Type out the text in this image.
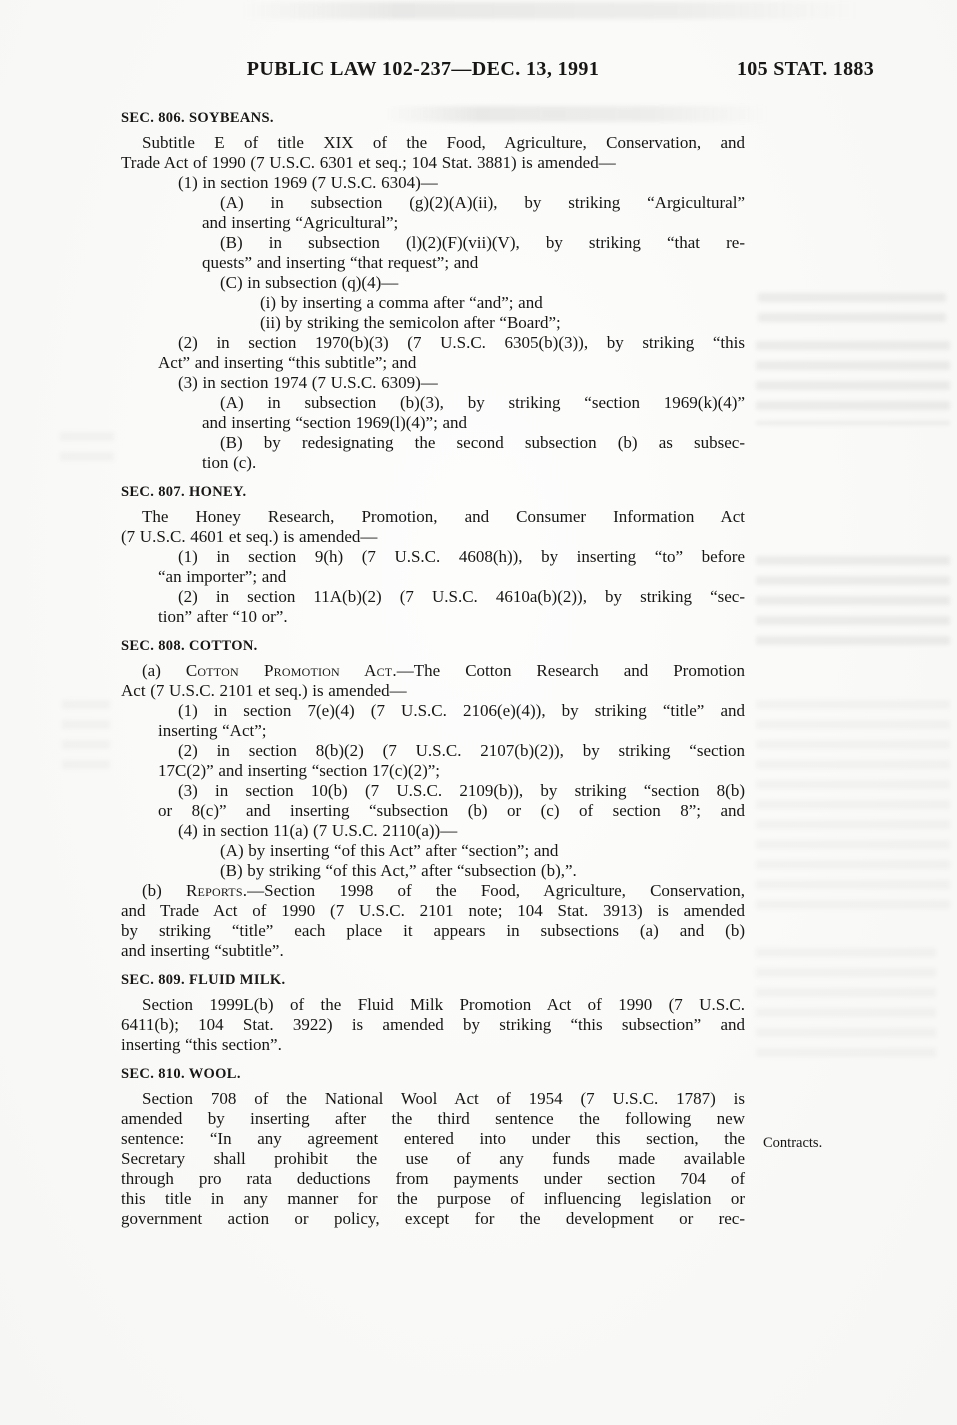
PUBLIC LAW 102-237—DEC. 13, 1991	105 STAT. 1883
SEC. 806. SOYBEANS.
Subtitle E of title XIX of the Food, Agriculture, Conservation, and
Trade Act of 1990 (7 U.S.C. 6301 et seq.; 104 Stat. 3881) is amended—
(1) in section 1969 (7 U.S.C. 6304)—
(A) in subsection (g)(2)(A)(ii), by striking “Argicultural”
and inserting “Agricultural”;
(B) in subsection (l)(2)(F)(vii)(V), by striking “that re-
quests” and inserting “that request”; and
(C) in subsection (q)(4)—
(i) by inserting a comma after “and”; and
(ii) by striking the semicolon after “Board”;
(2) in section 1970(b)(3) (7 U.S.C. 6305(b)(3)), by striking “this
Act” and inserting “this subtitle”; and
(3) in section 1974 (7 U.S.C. 6309)—
(A) in subsection (b)(3), by striking “section 1969(k)(4)”
and inserting “section 1969(l)(4)”; and
(B) by redesignating the second subsection (b) as subsec-
tion (c).
SEC. 807. HONEY.
The Honey Research, Promotion, and Consumer Information Act
(7 U.S.C. 4601 et seq.) is amended—
(1) in section 9(h) (7 U.S.C. 4608(h)), by inserting “to” before
“an importer”; and
(2) in section 11A(b)(2) (7 U.S.C. 4610a(b)(2)), by striking “sec-
tion” after “10 or”.
SEC. 808. COTTON.
(a) Cotton Promotion Act.—The Cotton Research and Promotion
Act (7 U.S.C. 2101 et seq.) is amended—
(1) in section 7(e)(4) (7 U.S.C. 2106(e)(4)), by striking “title” and
inserting “Act”;
(2) in section 8(b)(2) (7 U.S.C. 2107(b)(2)), by striking “section
17C(2)” and inserting “section 17(c)(2)”;
(3) in section 10(b) (7 U.S.C. 2109(b)), by striking “section 8(b)
or 8(c)” and inserting “subsection (b) or (c) of section 8”; and
(4) in section 11(a) (7 U.S.C. 2110(a))—
(A) by inserting “of this Act” after “section”; and
(B) by striking “of this Act,” after “subsection (b),”.
(b) Reports.—Section 1998 of the Food, Agriculture, Conservation,
and Trade Act of 1990 (7 U.S.C. 2101 note; 104 Stat. 3913) is amended
by striking “title” each place it appears in subsections (a) and (b)
and inserting “subtitle”.
SEC. 809. FLUID MILK.
Section 1999L(b) of the Fluid Milk Promotion Act of 1990 (7 U.S.C.
6411(b); 104 Stat. 3922) is amended by striking “this subsection” and
inserting “this section”.
SEC. 810. WOOL.
Section 708 of the National Wool Act of 1954 (7 U.S.C. 1787) is
amended by inserting after the third sentence the following new
sentence: “In any agreement entered into under this section, the
Secretary shall prohibit the use of any funds made available
through pro rata deductions from payments under section 704 of
this title in any manner for the purpose of influencing legislation or
government action or policy, except for the development or rec-
Contracts.
